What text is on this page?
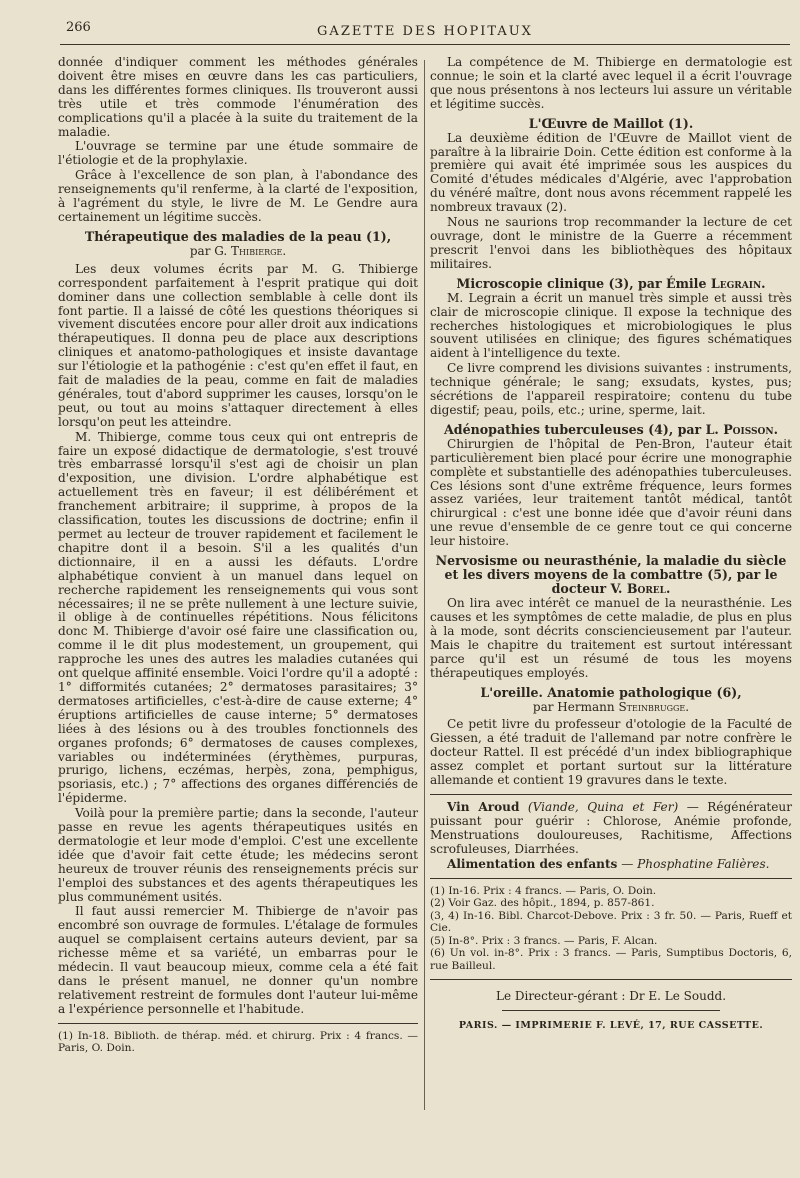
266	GAZETTE DES HOPITAUX

donnée d'indiquer comment les méthodes générales doivent être mises en œuvre dans les cas particuliers, dans les différentes formes cliniques. Ils trouveront aussi très utile et très commode l'énumération des complications qu'il a placée à la suite du traitement de la maladie.

L'ouvrage se termine par une étude sommaire de l'étiologie et de la prophylaxie.

Grâce à l'excellence de son plan, à l'abondance des renseignements qu'il renferme, à la clarté de l'exposition, à l'agrément du style, le livre de M. Le Gendre aura certainement un légitime succès.

Thérapeutique des maladies de la peau (1),
par G. Thibierge.

Les deux volumes écrits par M. G. Thibierge correspondent parfaitement à l'esprit pratique qui doit dominer dans une collection semblable à celle dont ils font partie. Il a laissé de côté les questions théoriques si vivement discutées encore pour aller droit aux indications thérapeutiques. Il donna peu de place aux descriptions cliniques et anatomo-pathologiques et insiste davantage sur l'étiologie et la pathogénie : c'est qu'en effet il faut, en fait de maladies de la peau, comme en fait de maladies générales, tout d'abord supprimer les causes, lorsqu'on le peut, ou tout au moins s'attaquer directement à elles lorsqu'on peut les atteindre.

M. Thibierge, comme tous ceux qui ont entrepris de faire un exposé didactique de dermatologie, s'est trouvé très embarrassé lorsqu'il s'est agi de choisir un plan d'exposition, une division. L'ordre alphabétique est actuellement très en faveur; il est délibérément et franchement arbitraire; il supprime, à propos de la classification, toutes les discussions de doctrine; enfin il permet au lecteur de trouver rapidement et facilement le chapitre dont il a besoin. S'il a les qualités d'un dictionnaire, il en a aussi les défauts. L'ordre alphabétique convient à un manuel dans lequel on recherche rapidement les renseignements qui vous sont nécessaires; il ne se prête nullement à une lecture suivie, il oblige à de continuelles répétitions. Nous félicitons donc M. Thibierge d'avoir osé faire une classification ou, comme il le dit plus modestement, un groupement, qui rapproche les unes des autres les maladies cutanées qui ont quelque affinité ensemble. Voici l'ordre qu'il a adopté : 1° difformités cutanées; 2° dermatoses parasitaires; 3° dermatoses artificielles, c'est-à-dire de cause externe; 4° éruptions artificielles de cause interne; 5° dermatoses liées à des lésions ou à des troubles fonctionnels des organes profonds; 6° dermatoses de causes complexes, variables ou indéterminées (érythèmes, purpuras, prurigo, lichens, eczémas, herpès, zona, pemphigus, psoriasis, etc.) ; 7° affections des organes différenciés de l'épiderme.

Voilà pour la première partie; dans la seconde, l'auteur passe en revue les agents thérapeutiques usités en dermatologie et leur mode d'emploi. C'est une excellente idée que d'avoir fait cette étude; les médecins seront heureux de trouver réunis des renseignements précis sur l'emploi des substances et des agents thérapeutiques les plus communément usités.

Il faut aussi remercier M. Thibierge de n'avoir pas encombré son ouvrage de formules. L'étalage de formules auquel se complaisent certains auteurs devient, par sa richesse même et sa variété, un embarras pour le médecin. Il vaut beaucoup mieux, comme cela a été fait dans le présent manuel, ne donner qu'un nombre relativement restreint de formules dont l'auteur lui-même a l'expérience personnelle et l'habitude.

(1) In-18. Biblioth. de thérap. méd. et chirurg. Prix : 4 francs. — Paris, O. Doin.

La compétence de M. Thibierge en dermatologie est connue; le soin et la clarté avec lequel il a écrit l'ouvrage que nous présentons à nos lecteurs lui assure un véritable et légitime succès.

L'Œuvre de Maillot (1).

La deuxième édition de l'Œuvre de Maillot vient de paraître à la librairie Doin. Cette édition est conforme à la première qui avait été imprimée sous les auspices du Comité d'études médicales d'Algérie, avec l'approbation du vénéré maître, dont nous avons récemment rappelé les nombreux travaux (2).

Nous ne saurions trop recommander la lecture de cet ouvrage, dont le ministre de la Guerre a récemment prescrit l'envoi dans les bibliothèques des hôpitaux militaires.

Microscopie clinique (3), par Émile Legrain.

M. Legrain a écrit un manuel très simple et aussi très clair de microscopie clinique. Il expose la technique des recherches histologiques et microbiologiques le plus souvent utilisées en clinique; des figures schématiques aident à l'intelligence du texte.

Ce livre comprend les divisions suivantes : instruments, technique générale; le sang; exsudats, kystes, pus; sécrétions de l'appareil respiratoire; contenu du tube digestif; peau, poils, etc.; urine, sperme, lait.

Adénopathies tuberculeuses (4), par L. Poisson.

Chirurgien de l'hôpital de Pen-Bron, l'auteur était particulièrement bien placé pour écrire une monographie complète et substantielle des adénopathies tuberculeuses. Ces lésions sont d'une extrême fréquence, leurs formes assez variées, leur traitement tantôt médical, tantôt chirurgical : c'est une bonne idée que d'avoir réuni dans une revue d'ensemble de ce genre tout ce qui concerne leur histoire.

Nervosisme ou neurasthénie, la maladie du siècle et les divers moyens de la combattre (5), par le docteur V. Borel.

On lira avec intérêt ce manuel de la neurasthénie. Les causes et les symptômes de cette maladie, de plus en plus à la mode, sont décrits consciencieusement par l'auteur. Mais le chapitre du traitement est surtout intéressant parce qu'il est un résumé de tous les moyens thérapeutiques employés.

L'oreille. Anatomie pathologique (6),
par Hermann Steinbrugge.

Ce petit livre du professeur d'otologie de la Faculté de Giessen, a été traduit de l'allemand par notre confrère le docteur Rattel. Il est précédé d'un index bibliographique assez complet et portant surtout sur la littérature allemande et contient 19 gravures dans le texte.

Vin Aroud (Viande, Quina et Fer) — Régénérateur puissant pour guérir : Chlorose, Anémie profonde, Menstruations douloureuses, Rachitisme, Affections scrofuleuses, Diarrhées.

Alimentation des enfants — Phosphatine Falières.

(1) In-16. Prix : 4 francs. — Paris, O. Doin.

(2) Voir Gaz. des hôpit., 1894, p. 857-861.

(3, 4) In-16. Bibl. Charcot-Debove. Prix : 3 fr. 50. — Paris, Rueff et Cie.

(5) In-8°. Prix : 3 francs. — Paris, F. Alcan.

(6) Un vol. in-8°. Prix : 3 francs. — Paris, Sumptibus Doctoris, 6, rue Bailleul.

Le Directeur-gérant : Dr E. Le Soudd.
PARIS. — IMPRIMERIE F. LEVÉ, 17, RUE CASSETTE.
